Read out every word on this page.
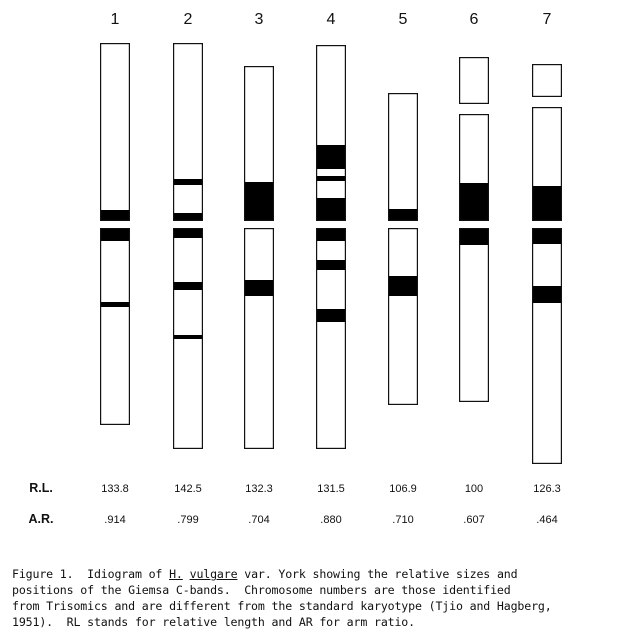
1
133.8
.914
2
142.5
.799
3
132.3
.704
4
131.5
.880
5
106.9
.710
6
100
.607
7
126.3
.464
R.L.
A.R.
Figure 1.  Idiogram of H. vulgare var. York showing the relative sizes and
positions of the Giemsa C-bands.  Chromosome numbers are those identified
from Trisomics and are different from the standard karyotype (Tjio and Hagberg,
1951).  RL stands for relative length and AR for arm ratio.
